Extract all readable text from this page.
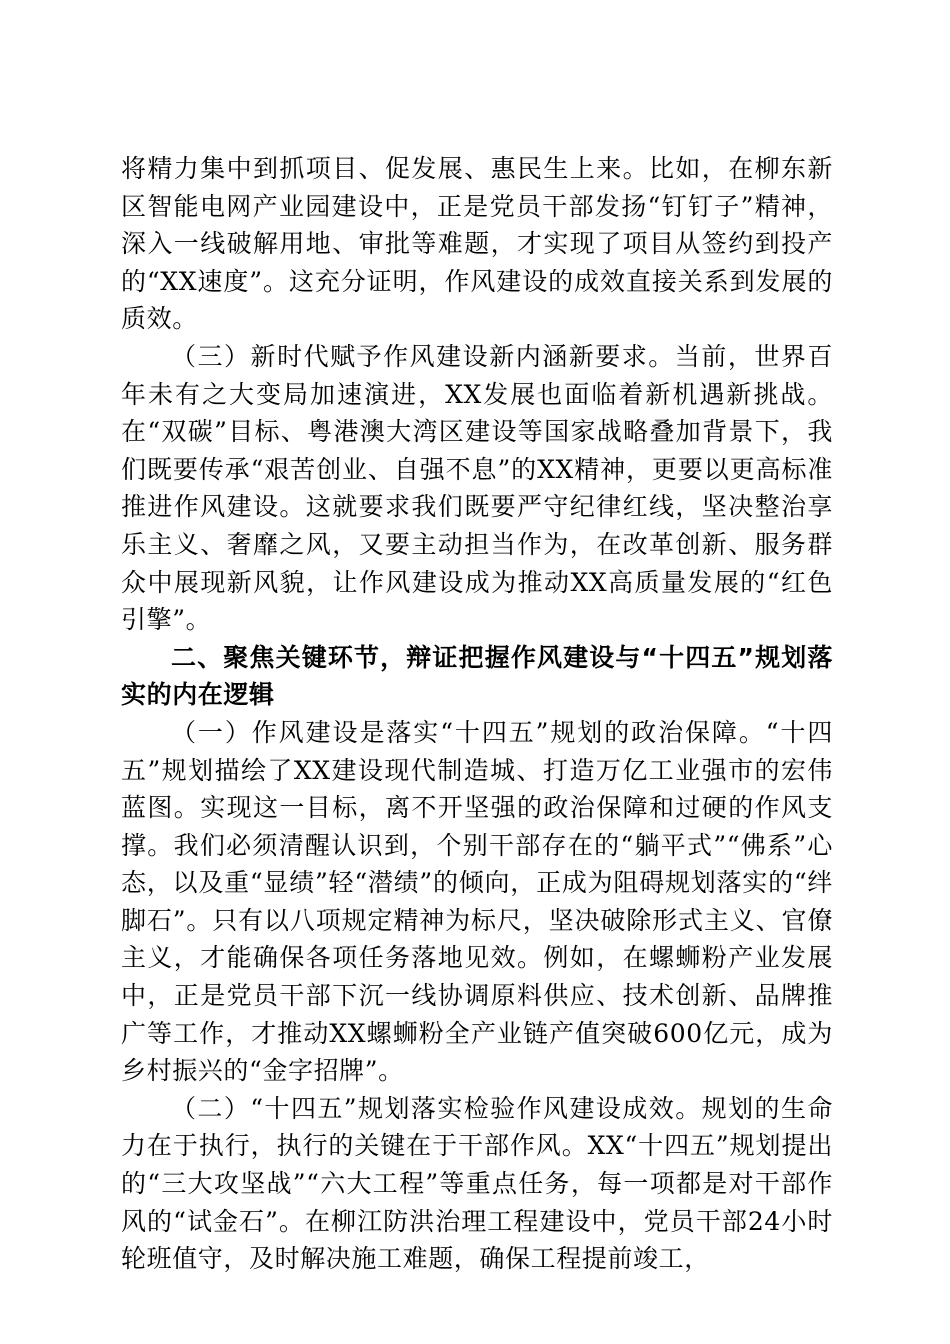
将精力集中到抓项目、促发展、惠民生上来。比如，在柳东新区智能电网产业园建设中，正是党员干部发扬“钉钉子”精神，深入一线破解用地、审批等难题，才实现了项目从签约到投产的“XX速度”。这充分证明，作风建设的成效直接关系到发展的质效。

（三）新时代赋予作风建设新内涵新要求。当前，世界百年未有之大变局加速演进，XX发展也面临着新机遇新挑战。在“双碳”目标、粤港澳大湾区建设等国家战略叠加背景下，我们既要传承“艰苦创业、自强不息”的XX精神，更要以更高标准推进作风建设。这就要求我们既要严守纪律红线，坚决整治享乐主义、奢靡之风，又要主动担当作为，在改革创新、服务群众中展现新风貌，让作风建设成为推动XX高质量发展的“红色引擎”。

二、聚焦关键环节，辩证把握作风建设与“十四五”规划落实的内在逻辑

（一）作风建设是落实“十四五”规划的政治保障。“十四五”规划描绘了XX建设现代制造城、打造万亿工业强市的宏伟蓝图。实现这一目标，离不开坚强的政治保障和过硬的作风支撑。我们必须清醒认识到，个别干部存在的“躺平式”“佛系”心态，以及重“显绩”轻“潜绩”的倾向，正成为阻碍规划落实的“绊脚石”。只有以八项规定精神为标尺，坚决破除形式主义、官僚主义，才能确保各项任务落地见效。例如，在螺蛳粉产业发展中，正是党员干部下沉一线协调原料供应、技术创新、品牌推广等工作，才推动XX螺蛳粉全产业链产值突破600亿元，成为乡村振兴的“金字招牌”。

（二）“十四五”规划落实检验作风建设成效。规划的生命力在于执行，执行的关键在于干部作风。XX“十四五”规划提出的“三大攻坚战”“六大工程”等重点任务，每一项都是对干部作风的“试金石”。在柳江防洪治理工程建设中，党员干部24小时轮班值守，及时解决施工难题，确保工程提前竣工，
